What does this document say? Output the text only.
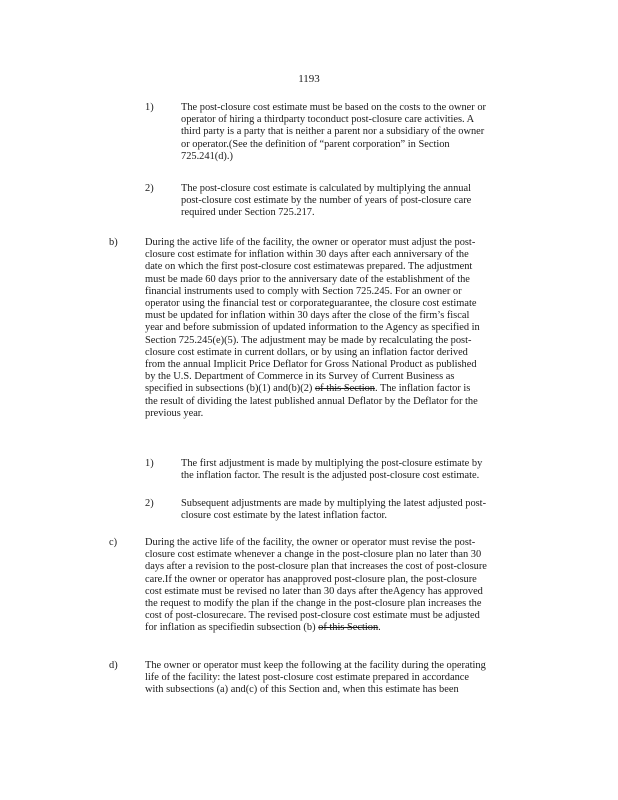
1193
1)	The post-closure cost estimate must be based on the costs to the owner or
operator of hiring a thirdparty toconduct post-closure care activities. A
third party is a party that is neither a parent nor a subsidiary of the owner
or operator.(See the definition of “parent corporation” in Section
725.241(d).)
2)	The post-closure cost estimate is calculated by multiplying the annual
post-closure cost estimate by the number of years of post-closure care
required under Section 725.217.
b)	During the active life of the facility, the owner or operator must adjust the post-
closure cost estimate for inflation within 30 days after each anniversary of the
date on which the first post-closure cost estimatewas prepared. The adjustment
must be made 60 days prior to the anniversary date of the establishment of the
financial instruments used to comply with Section 725.245. For an owner or
operator using the financial test or corporateguarantee, the closure cost estimate
must be updated for inflation within 30 days after the close of the firm’s fiscal
year and before submission of updated information to the Agency as specified in
Section 725.245(e)(5). The adjustment may be made by recalculating the post-
closure cost estimate in current dollars, or by using an inflation factor derived
from the annual Implicit Price Deflator for Gross National Product as published
by the U.S. Department of Commerce in its Survey of Current Business as
specified in subsections (b)(1) and(b)(2) of this Section. The inflation factor is
the result of dividing the latest published annual Deflator by the Deflator for the
previous year.
1)	The first adjustment is made by multiplying the post-closure estimate by
the inflation factor. The result is the adjusted post-closure cost estimate.
2)	Subsequent adjustments are made by multiplying the latest adjusted post-
closure cost estimate by the latest inflation factor.
c)	During the active life of the facility, the owner or operator must revise the post-
closure cost estimate whenever a change in the post-closure plan no later than 30
days after a revision to the post-closure plan that increases the cost of post-closure
care.If the owner or operator has anapproved post-closure plan, the post-closure
cost estimate must be revised no later than 30 days after theAgency has approved
the request to modify the plan if the change in the post-closure plan increases the
cost of post-closurecare. The revised post-closure cost estimate must be adjusted
for inflation as specifiedin subsection (b) of this Section.
d)	The owner or operator must keep the following at the facility during the operating
life of the facility: the latest post-closure cost estimate prepared in accordance
with subsections (a) and(c) of this Section and, when this estimate has been
